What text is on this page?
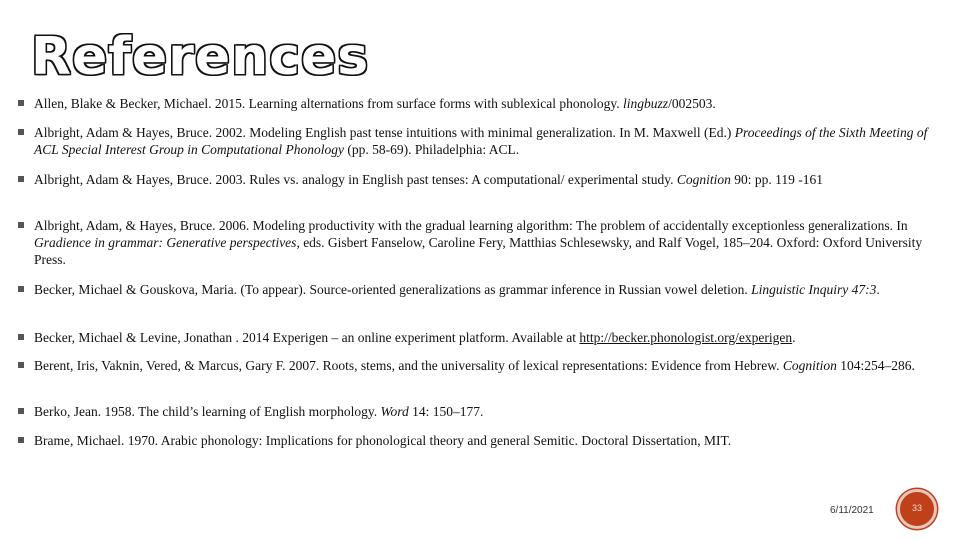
References
Allen, Blake & Becker, Michael. 2015. Learning alternations from surface forms with sublexical phonology. lingbuzz/002503.
Albright, Adam & Hayes, Bruce. 2002. Modeling English past tense intuitions with minimal generalization. In M. Maxwell (Ed.) Proceedings of the Sixth Meeting of ACL Special Interest Group in Computational Phonology (pp. 58-69). Philadelphia: ACL.
Albright, Adam & Hayes, Bruce. 2003. Rules vs. analogy in English past tenses: A computational/ experimental study. Cognition 90: pp. 119 -161
Albright, Adam, & Hayes, Bruce. 2006. Modeling productivity with the gradual learning algorithm: The problem of accidentally exceptionless generalizations. In Gradience in grammar: Generative perspectives, eds. Gisbert Fanselow, Caroline Fery, Matthias Schlesewsky, and Ralf Vogel, 185–204. Oxford: Oxford University Press.
Becker, Michael & Gouskova, Maria. (To appear). Source-oriented generalizations as grammar inference in Russian vowel deletion. Linguistic Inquiry 47:3.
Becker, Michael & Levine, Jonathan . 2014 Experigen – an online experiment platform. Available at http://becker.phonologist.org/experigen.
Berent, Iris, Vaknin, Vered, & Marcus, Gary F. 2007. Roots, stems, and the universality of lexical representations: Evidence from Hebrew. Cognition 104:254–286.
Berko, Jean. 1958. The child’s learning of English morphology. Word 14: 150–177.
Brame, Michael. 1970. Arabic phonology: Implications for phonological theory and general Semitic. Doctoral Dissertation, MIT.
6/11/2021	33
